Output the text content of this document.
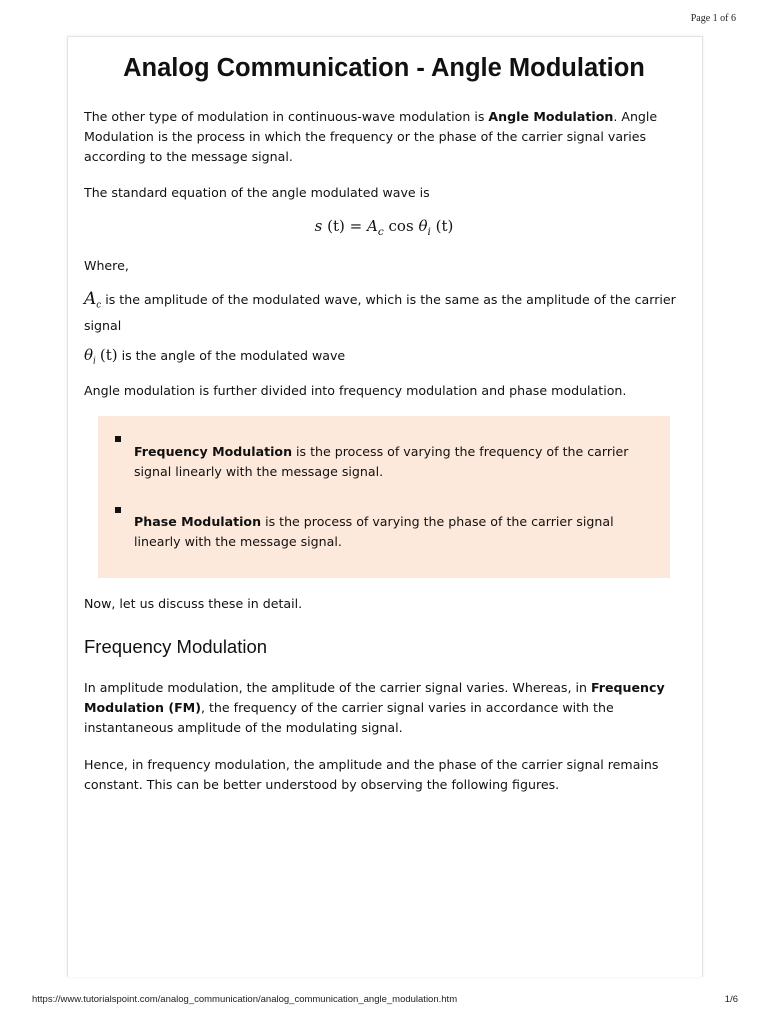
Page 1 of 6
Analog Communication - Angle Modulation

The other type of modulation in continuous-wave modulation is Angle Modulation. Angle Modulation is the process in which the frequency or the phase of the carrier signal varies according to the message signal.

The standard equation of the angle modulated wave is

s $(t) = A_c$ $\cos \theta_i$ (t)

Where,

$A_c$ is the amplitude of the modulated wave, which is the same as the amplitude of the carrier signal

$\theta_i$ (t) is the angle of the modulated wave

Angle modulation is further divided into frequency modulation and phase modulation.

Frequency Modulation is the process of varying the frequency of the carrier signal linearly with the message signal.

Phase Modulation is the process of varying the phase of the carrier signal linearly with the message signal.

Now, let us discuss these in detail.

Frequency Modulation

In amplitude modulation, the amplitude of the carrier signal varies. Whereas, in Frequency Modulation (FM), the frequency of the carrier signal varies in accordance with the instantaneous amplitude of the modulating signal.

Hence, in frequency modulation, the amplitude and the phase of the carrier signal remains constant. This can be better understood by observing the following figures.

https://www.tutorialspoint.com/analog_communication/analog_communication_angle_modulation.htm	1/6
